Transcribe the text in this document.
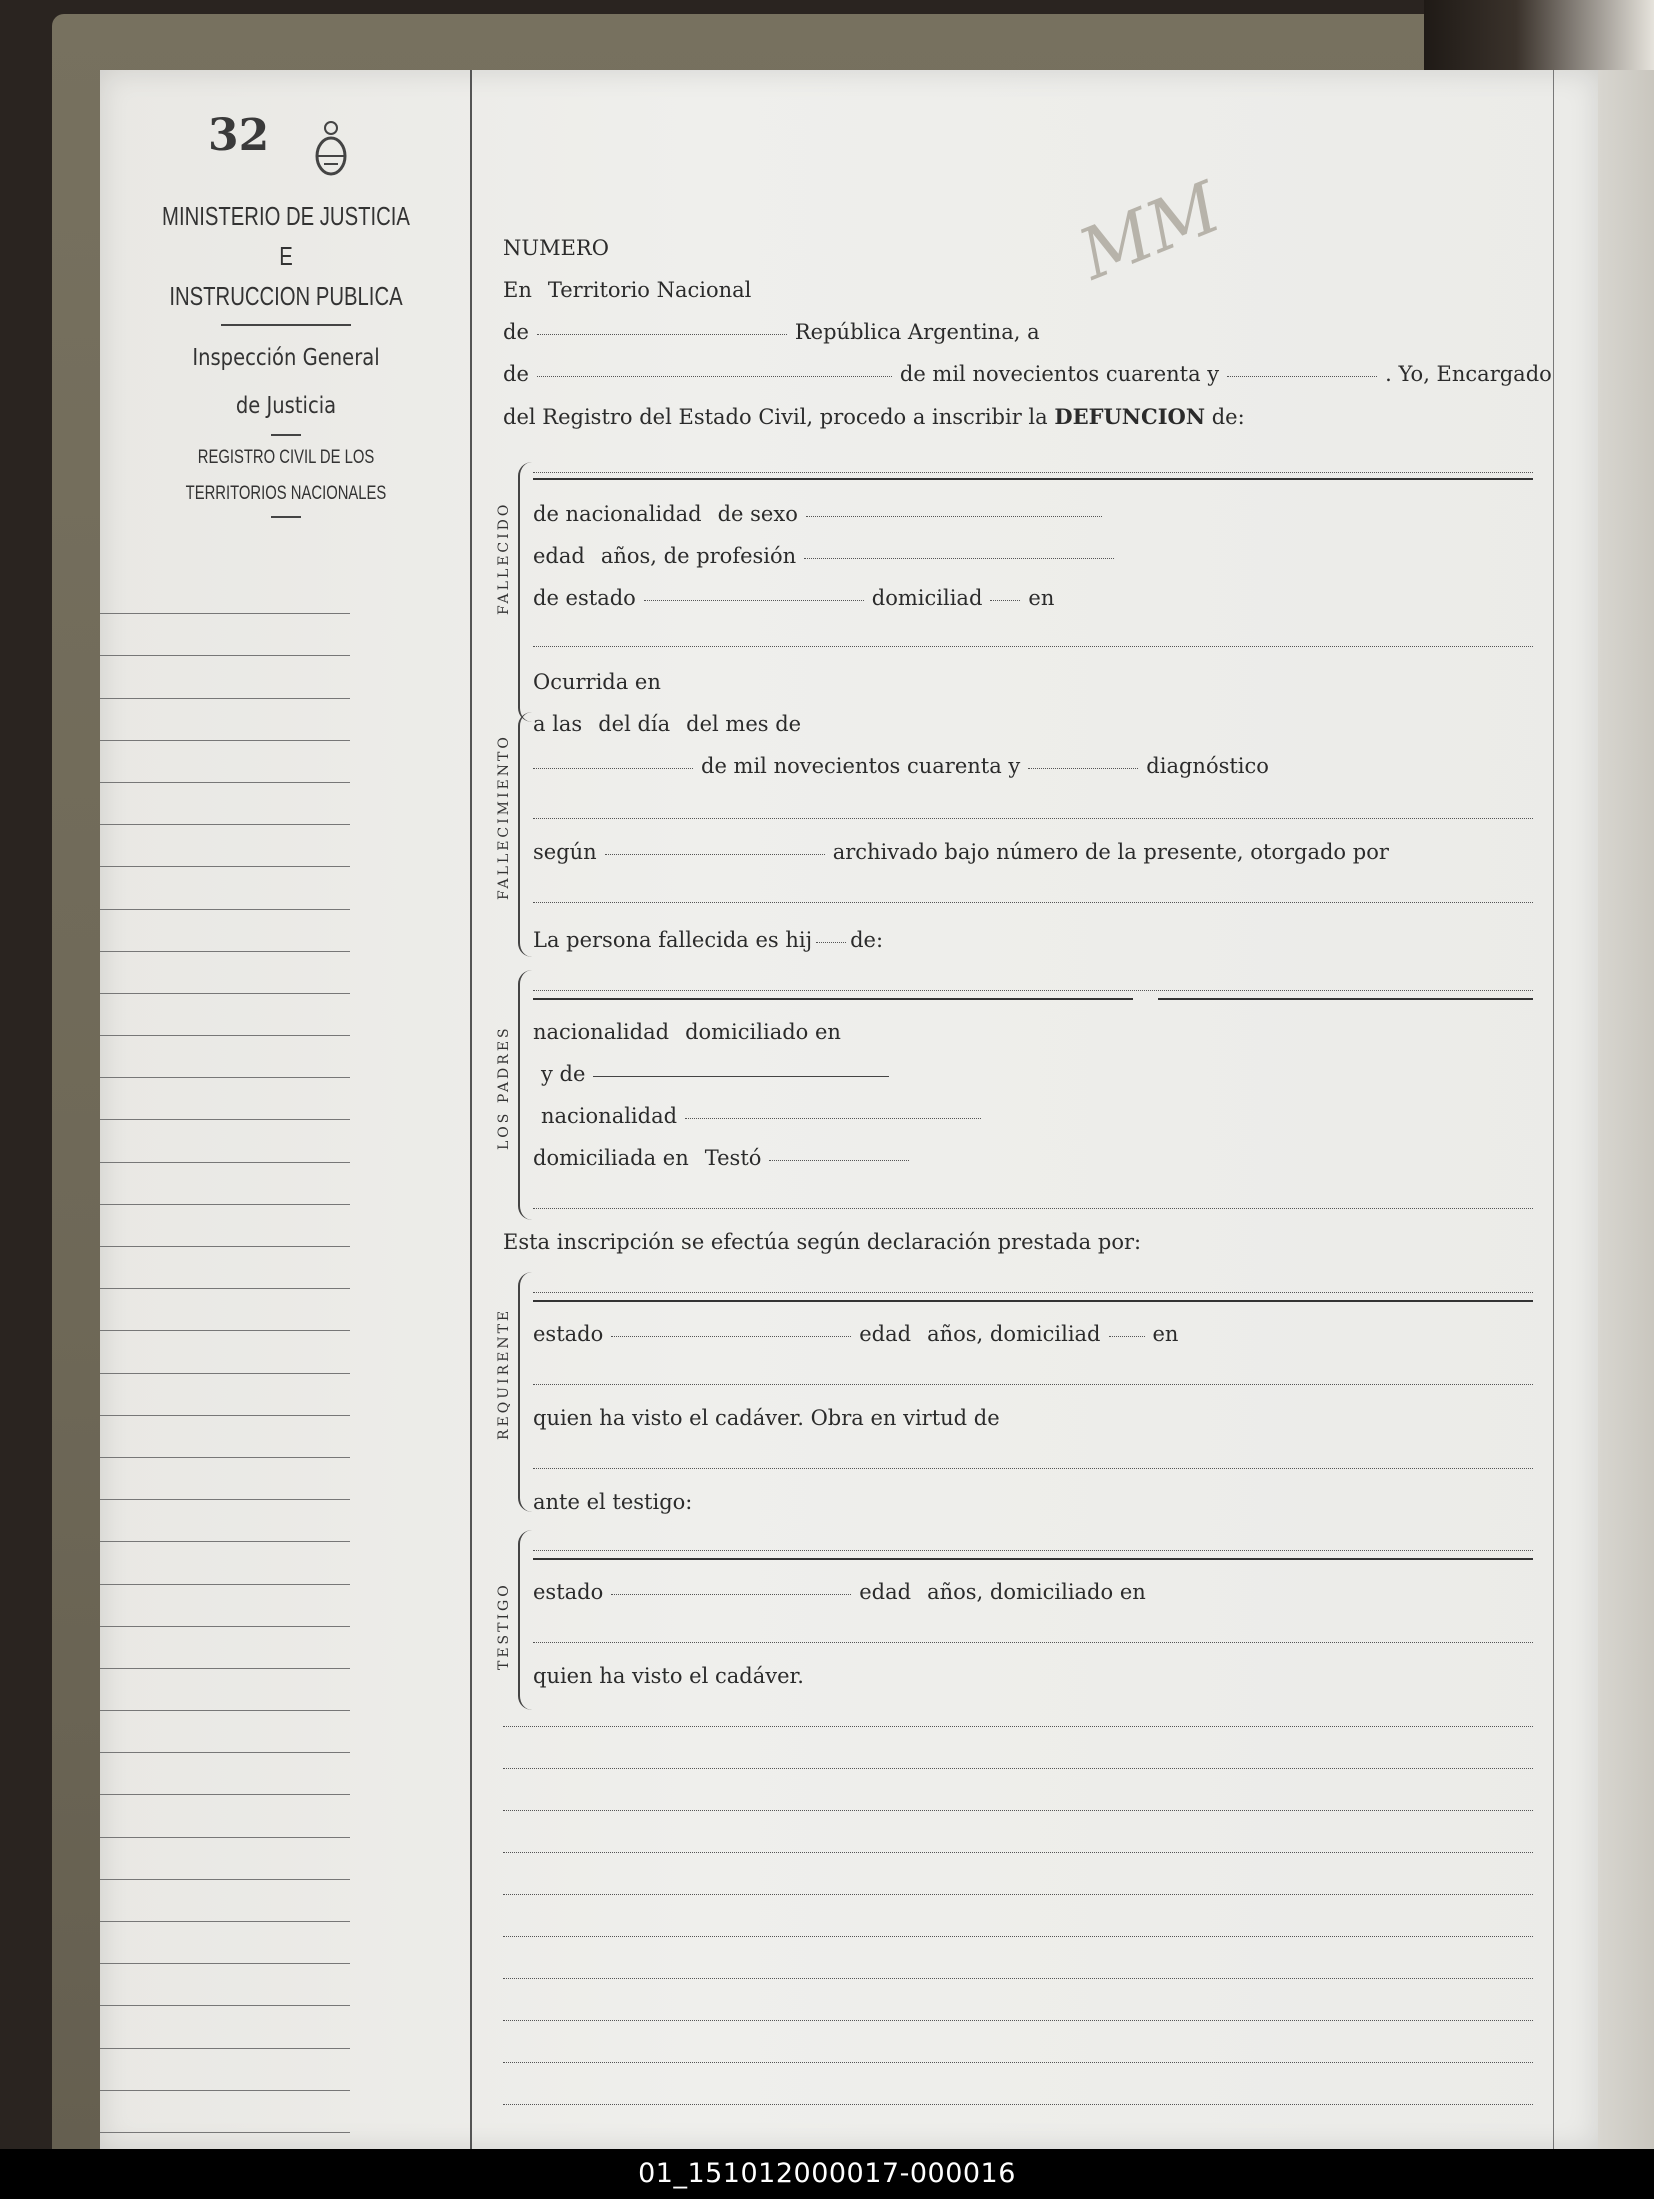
32
MINISTERIO DE JUSTICIA
E
INSTRUCCION PUBLICA
Inspección General
de Justicia
REGISTRO CIVIL DE LOS
TERRITORIOS NACIONALES
MM
NUMERO
En Territorio Nacional
de	República Argentina, a
de	de mil novecientos cuarenta y	. Yo, Encargado
del Registro del Estado Civil, procedo a inscribir la
DEFUNCION
de:
FALLECIDO de nacionalidad de sexo
edad años, de profesión
de estado	domiciliad en
Ocurrida en
FALLECIMIENTO
a las del día del mes de
de mil novecientos cuarenta y	diagnóstico
según	archivado bajo número de la presente, otorgado por
La persona fallecida es hij de:
LOS PADRES nacionalidad domiciliado en
y de
nacionalidad
domiciliada en Testó
Esta inscripción se efectúa según declaración prestada por:
REQUIRENTE estado	edad años, domiciliad en
quien ha visto el cadáver. Obra en virtud de
ante el testigo:
TESTIGO estado	edad años, domiciliado en
quien ha visto el cadáver.
01_151012000017-000016
